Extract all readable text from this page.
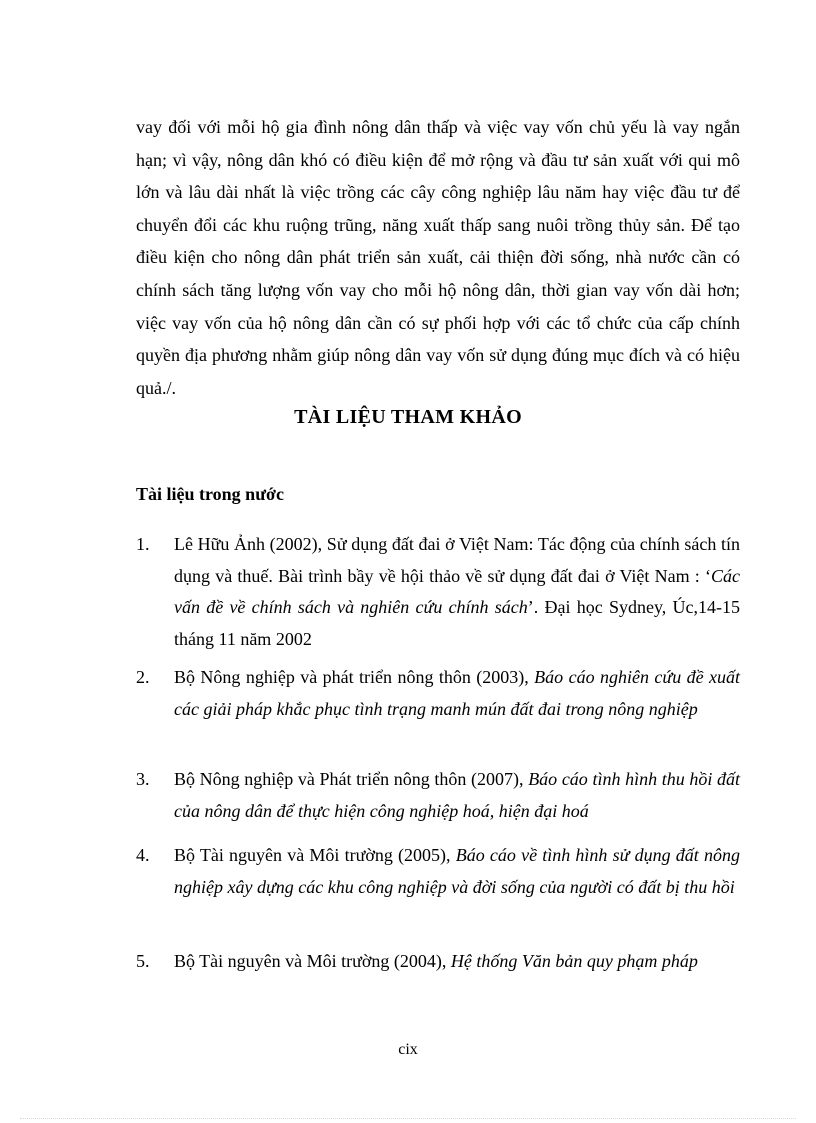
vay đối với mỗi hộ gia đình nông dân thấp và việc vay vốn chủ yếu là vay ngắn hạn; vì vậy, nông dân khó có điều kiện để mở rộng và đầu tư sản xuất với qui mô lớn và lâu dài nhất là việc trồng các cây công nghiệp lâu năm hay việc đầu tư để chuyển đổi các khu ruộng trũng, năng xuất thấp sang nuôi trồng thủy sản. Để tạo điều kiện cho nông dân phát triển sản xuất, cải thiện đời sống, nhà nước cần có chính sách tăng lượng vốn vay cho mỗi hộ nông dân, thời gian vay vốn dài hơn; việc vay vốn của hộ nông dân cần có sự phối hợp với các tổ chức của cấp chính quyền địa phương nhằm giúp nông dân vay vốn sử dụng đúng mục đích và có hiệu quả./.

TÀI LIỆU THAM KHẢO
Tài liệu trong nước
1.	Lê Hữu Ảnh (2002), Sử dụng đất đai ở Việt Nam: Tác động của chính sách tín dụng và thuế. Bài trình bầy về hội thảo về sử dụng đất đai ở Việt Nam : ‘Các vấn đề về chính sách và nghiên cứu chính sách’. Đại học Sydney, Úc,14-15 tháng 11 năm 2002
2.	Bộ Nông nghiệp và phát triển nông thôn (2003), Báo cáo nghiên cứu đề xuất các giải pháp khắc phục tình trạng manh mún đất đai trong nông nghiệp
3.	Bộ Nông nghiệp và Phát triển nông thôn (2007), Báo cáo tình hình thu hồi đất của nông dân để thực hiện công nghiệp hoá, hiện đại hoá
4.	Bộ Tài nguyên và Môi trường (2005), Báo cáo về tình hình sử dụng đất nông nghiệp xây dựng các khu công nghiệp và đời sống của người có đất bị thu hồi
5.	Bộ Tài nguyên và Môi trường (2004), Hệ thống Văn bản quy phạm pháp
cix
